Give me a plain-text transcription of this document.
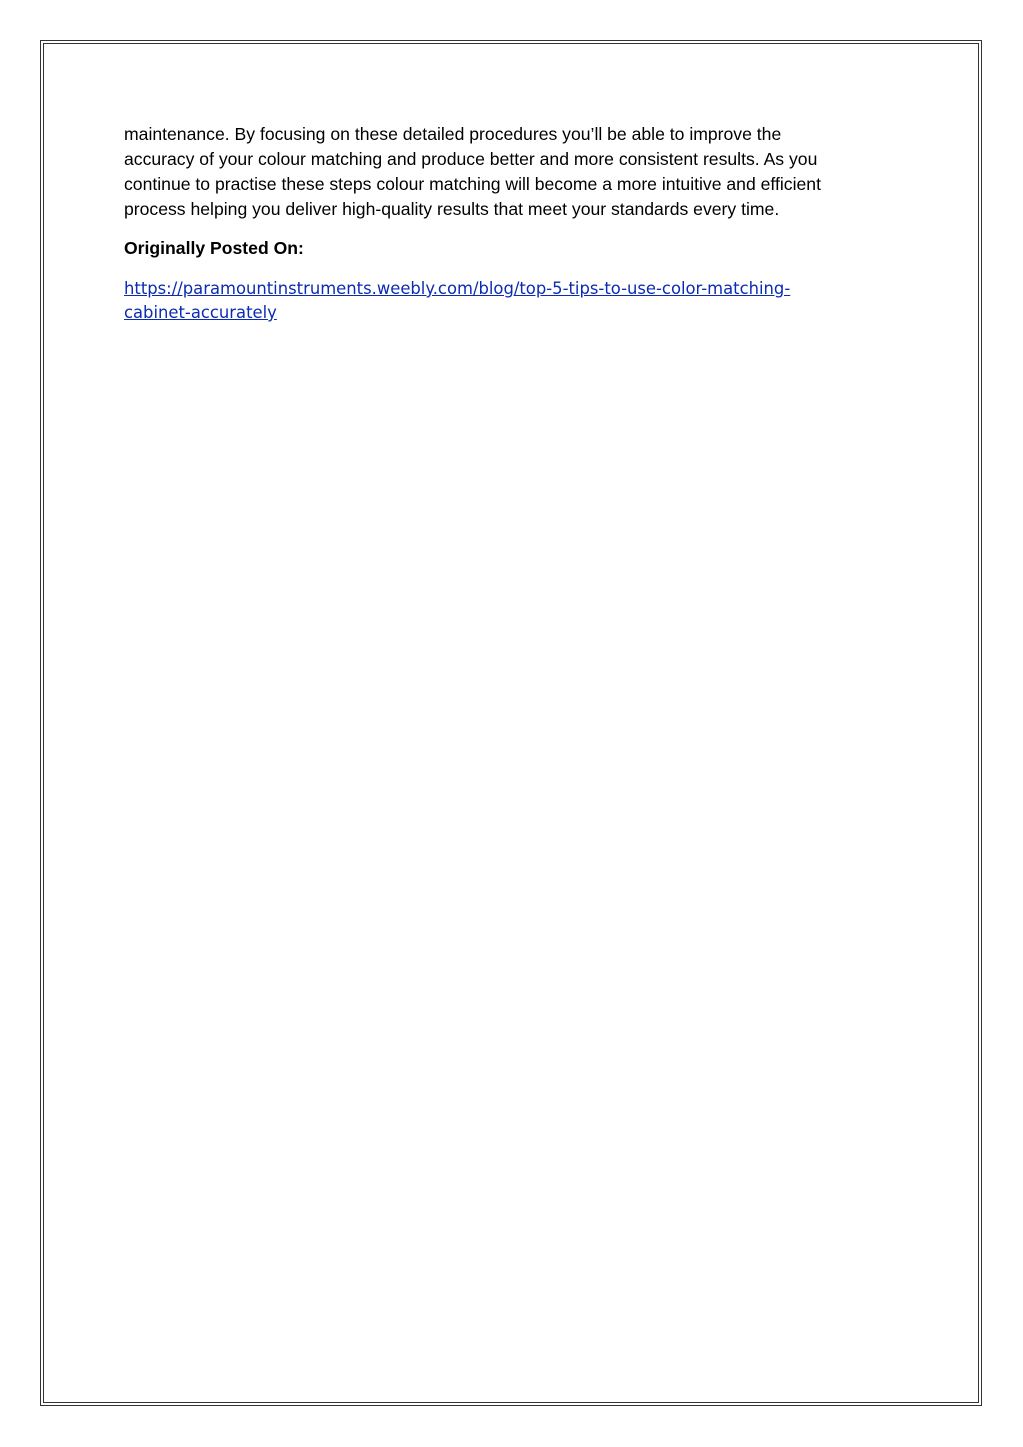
maintenance. By focusing on these detailed procedures you’ll be able to improve the
accuracy of your colour matching and produce better and more consistent results. As you
continue to practise these steps colour matching will become a more intuitive and efficient
process helping you deliver high-quality results that meet your standards every time.

Originally Posted On:

https://paramountinstruments.weebly.com/blog/top-5-tips-to-use-color-matching-
cabinet-accurately
